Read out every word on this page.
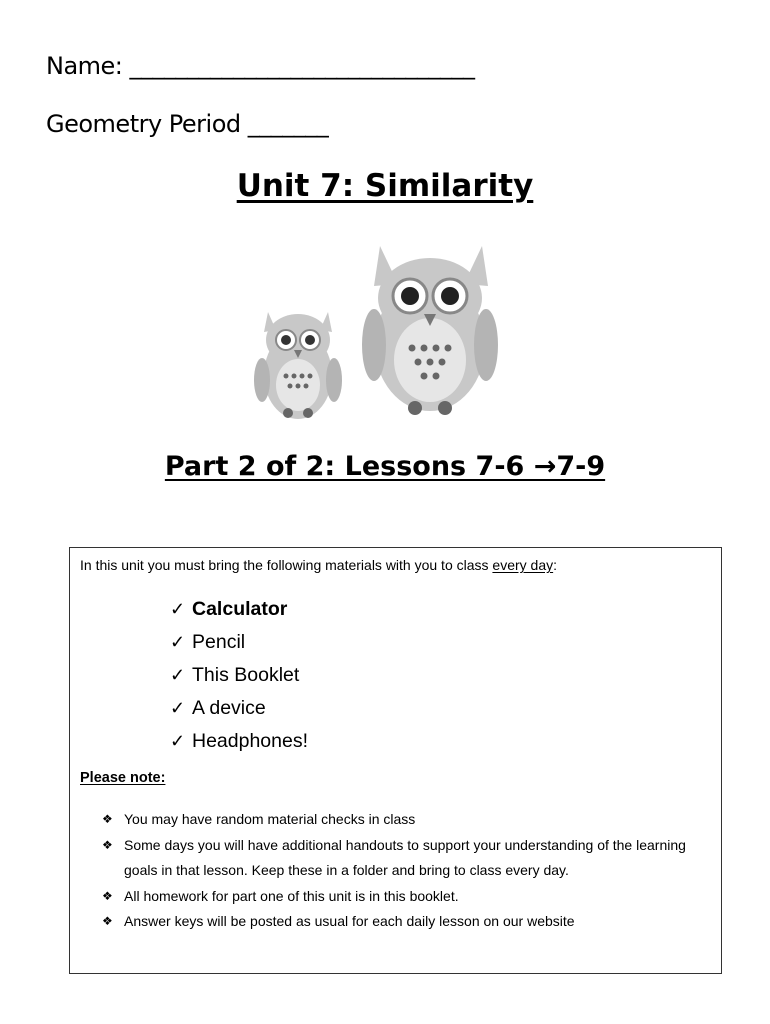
Name: ______________________________
Geometry Period _______
Unit 7: Similarity
Part 2 of 2: Lessons 7-6 →7-9
In this unit you must bring the following materials with you to class every day:
✓ Calculator
✓ Pencil
✓ This Booklet
✓ A device
✓ Headphones!
Please note:
❖ You may have random material checks in class
❖ Some days you will have additional handouts to support your understanding of the learning goals in that lesson. Keep these in a folder and bring to class every day.
❖ All homework for part one of this unit is in this booklet.
❖ Answer keys will be posted as usual for each daily lesson on our website
